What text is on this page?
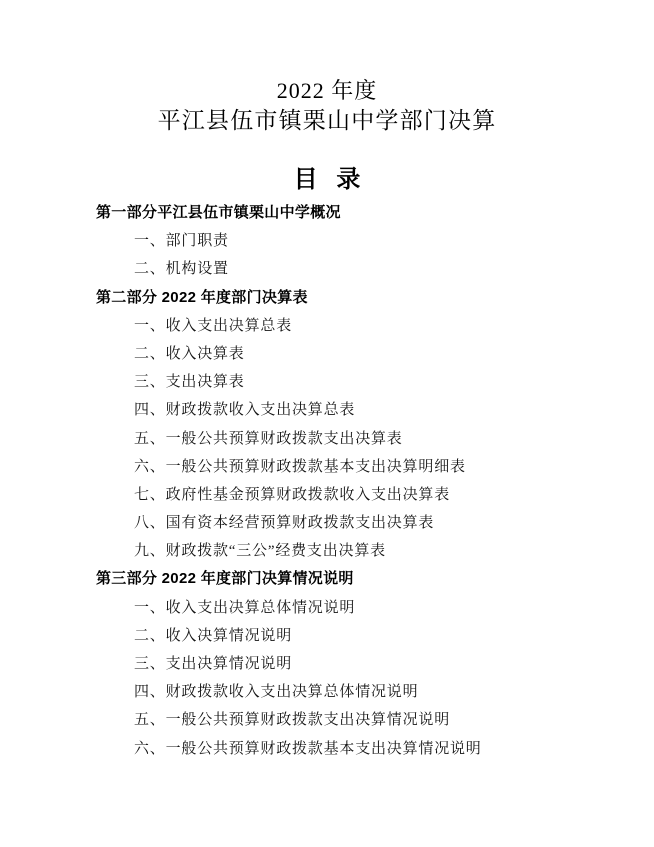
2022 年度
平江县伍市镇栗山中学部门决算
目 录
第一部分平江县伍市镇栗山中学概况
一、部门职责
二、机构设置
第二部分 2022 年度部门决算表
一、收入支出决算总表
二、收入决算表
三、支出决算表
四、财政拨款收入支出决算总表
五、一般公共预算财政拨款支出决算表
六、一般公共预算财政拨款基本支出决算明细表
七、政府性基金预算财政拨款收入支出决算表
八、国有资本经营预算财政拨款支出决算表
九、财政拨款“三公”经费支出决算表
第三部分 2022 年度部门决算情况说明
一、收入支出决算总体情况说明
二、收入决算情况说明
三、支出决算情况说明
四、财政拨款收入支出决算总体情况说明
五、一般公共预算财政拨款支出决算情况说明
六、一般公共预算财政拨款基本支出决算情况说明
